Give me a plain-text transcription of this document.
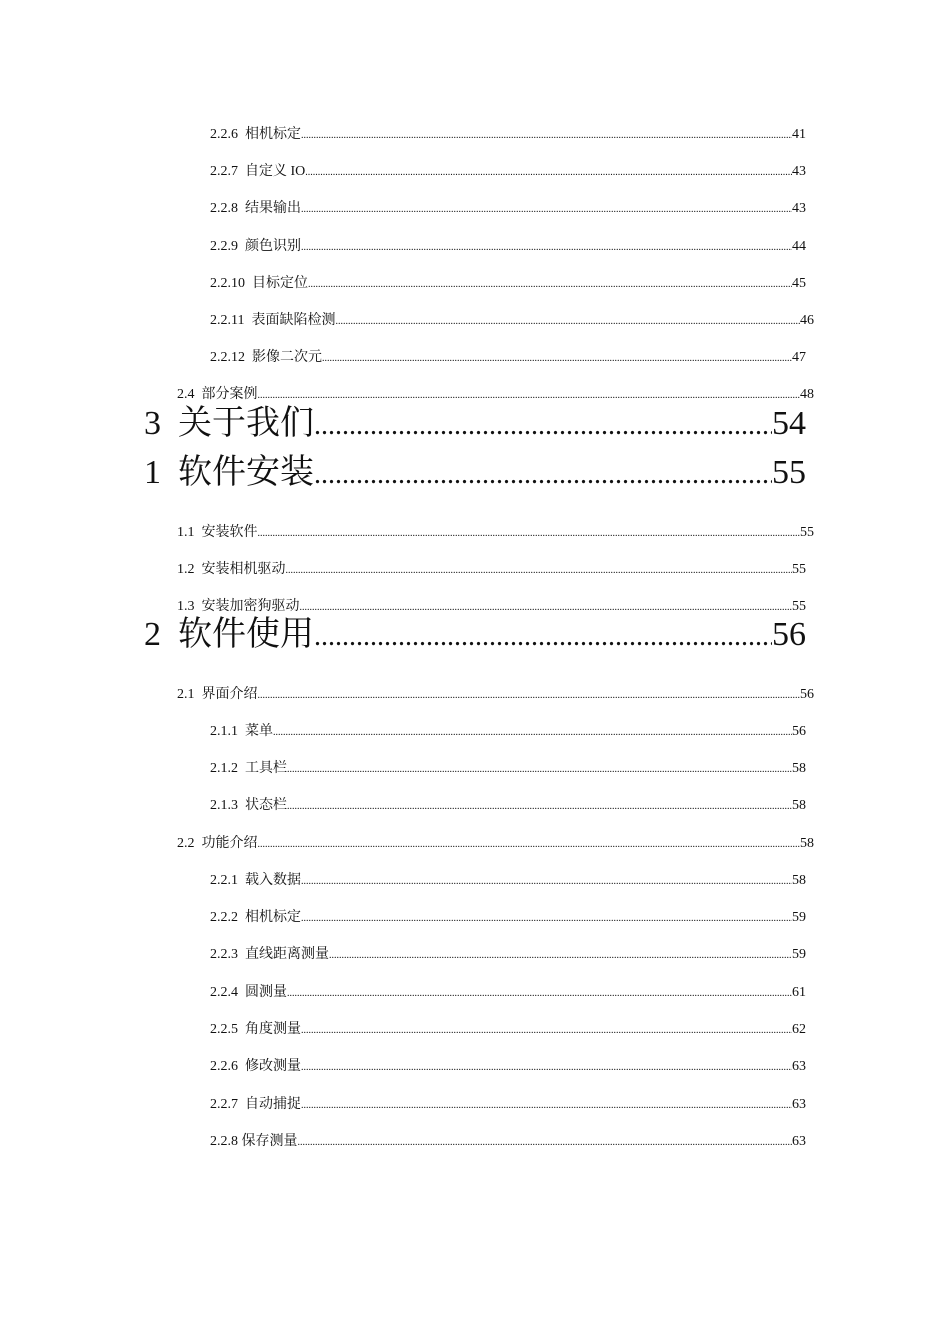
2.2.6  相机标定 .....	41
2.2.7  自定义 IO .....	43
2.2.8  结果输出 .....	43
2.2.9  颜色识别 .....	44
2.2.10  目标定位 .....	45
2.2.11  表面缺陷检测 .....	46
2.2.12  影像二次元 .....	47
2.4  部分案例 .....	48
3  关于我们 .....	54
1  软件安装 .....	55
1.1  安装软件 .....	55
1.2  安装相机驱动 .....	55
1.3  安装加密狗驱动 .....	55
2  软件使用 .....	56
2.1  界面介绍 .....	56
2.1.1  菜单 .....	56
2.1.2  工具栏 .....	58
2.1.3  状态栏 .....	58
2.2  功能介绍 .....	58
2.2.1  载入数据 .....	58
2.2.2  相机标定 .....	59
2.2.3  直线距离测量 .....	59
2.2.4  圆测量 .....	61
2.2.5  角度测量 .....	62
2.2.6  修改测量 .....	63
2.2.7  自动捕捉 .....	63
2.2.8 保存测量 .....	63
